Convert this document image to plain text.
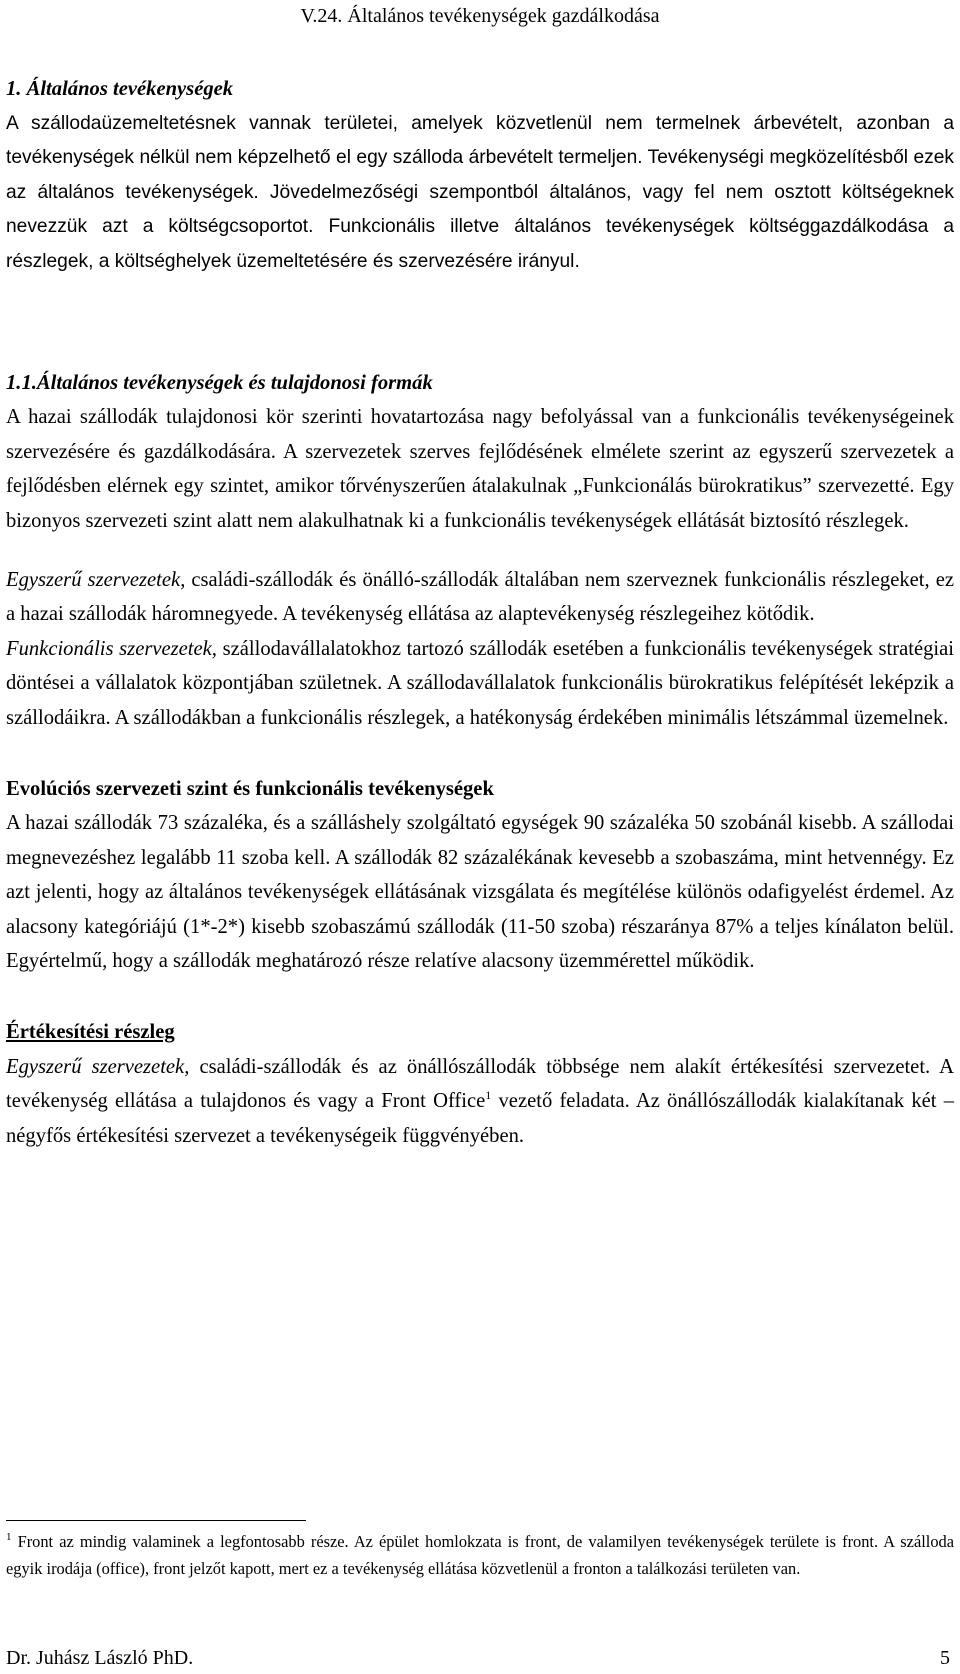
V.24. Általános tevékenységek gazdálkodása

1. Általános tevékenységek

A szállodaüzemeltetésnek vannak területei, amelyek közvetlenül nem termelnek árbevételt, azonban a tevékenységek nélkül nem képzelhető el egy szálloda árbevételt termeljen. Tevékenységi megközelítésből ezek az általános tevékenységek. Jövedelmezőségi szempontból általános, vagy fel nem osztott költségeknek nevezzük azt a költségcsoportot. Funkcionális illetve általános tevékenységek költséggazdálkodása a részlegek, a költséghelyek üzemeltetésére és szervezésére irányul.

1.1.Általános tevékenységek és tulajdonosi formák

A hazai szállodák tulajdonosi kör szerinti hovatartozása nagy befolyással van a funkcionális tevékenységeinek szervezésére és gazdálkodására. A szervezetek szerves fejlődésének elmélete szerint az egyszerű szervezetek a fejlődésben elérnek egy szintet, amikor tőrvényszerűen átalakulnak „Funkcionálás bürokratikus” szervezetté. Egy bizonyos szervezeti szint alatt nem alakulhatnak ki a funkcionális tevékenységek ellátását biztosító részlegek.

Egyszerű szervezetek, családi-szállodák és önálló-szállodák általában nem szerveznek funkcionális részlegeket, ez a hazai szállodák háromnegyede. A tevékenység ellátása az alaptevékenység részlegeihez kötődik.

Funkcionális szervezetek, szállodavállalatokhoz tartozó szállodák esetében a funkcionális tevékenységek stratégiai döntései a vállalatok központjában születnek. A szállodavállalatok funkcionális bürokratikus felépítését leképzik a szállodáikra. A szállodákban a funkcionális részlegek, a hatékonyság érdekében minimális létszámmal üzemelnek.

Evolúciós szervezeti szint és funkcionális tevékenységek

A hazai szállodák 73 százaléka, és a szálláshely szolgáltató egységek 90 százaléka 50 szobánál kisebb. A szállodai megnevezéshez legalább 11 szoba kell. A szállodák 82 százalékának kevesebb a szobaszáma, mint hetvennégy. Ez azt jelenti, hogy az általános tevékenységek ellátásának vizsgálata és megítélése különös odafigyelést érdemel. Az alacsony kategóriájú (1*-2*) kisebb szobaszámú szállodák (11-50 szoba) részaránya 87% a teljes kínálaton belül. Egyértelmű, hogy a szállodák meghatározó része relatíve alacsony üzemmérettel működik.

Értékesítési részleg

Egyszerű szervezetek, családi-szállodák és az önállószállodák többsége nem alakít értékesítési szervezetet. A tevékenység ellátása a tulajdonos és vagy a Front Office$^1$ vezető feladata. Az önállószállodák kialakítanak két – négyfős értékesítési szervezet a tevékenységeik függvényében.

$^1$ Front az mindig valaminek a legfontosabb része. Az épület homlokzata is front, de valamilyen tevékenységek területe is front. A szálloda egyik irodája (office), front jelzőt kapott, mert ez a tevékenység ellátása közvetlenül a fronton a találkozási területen van.
Dr. Juhász László PhD.	5
